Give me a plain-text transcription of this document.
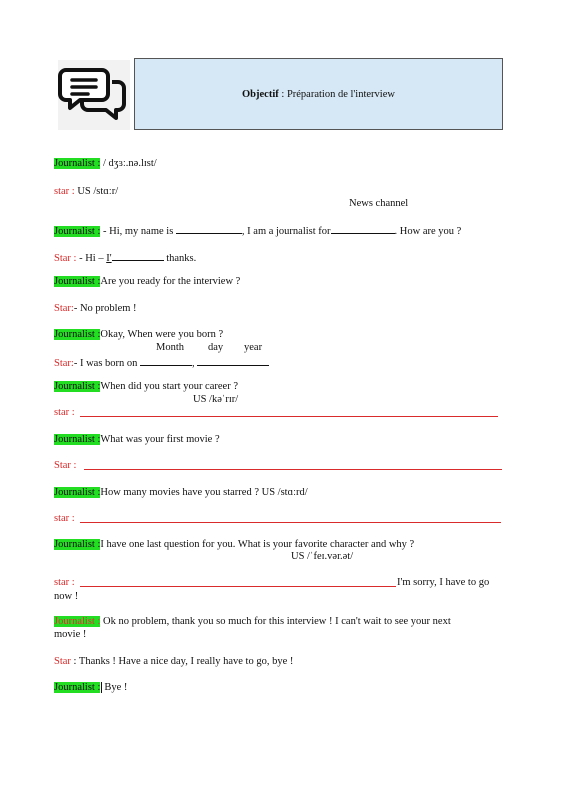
Objectif : Préparation de l'interview
Journalist : / dʒɜː.nə.lɪst/
star : US /stɑːr/
News channel
Journalist : - Hi, my name is	, I am a journalist for	. How are you ?
Star : - Hi – I'	thanks.
Journalist :Are you ready for the interview ?
Star:- No problem !
Journalist :Okay, When were you born ?
Month day year
Star:- I was born on	,
Journalist :When did you start your career ?
US /kəˈrɪr/
star :
Journalist :What was your first movie ?
Star :
Journalist :How many movies have you starred ? US /stɑːrd/
star :
Journalist :I have one last question for you. What is your favorite character and why ?
US /ˈfeɪ.vər.ət/
star :	I'm sorry, I have to go
now !
Journalist : Ok no problem, thank you so much for this interview ! I can't wait to see your next
movie !
Star : Thanks ! Have a nice day, I really have to go, bye !
Journalist : Bye !
